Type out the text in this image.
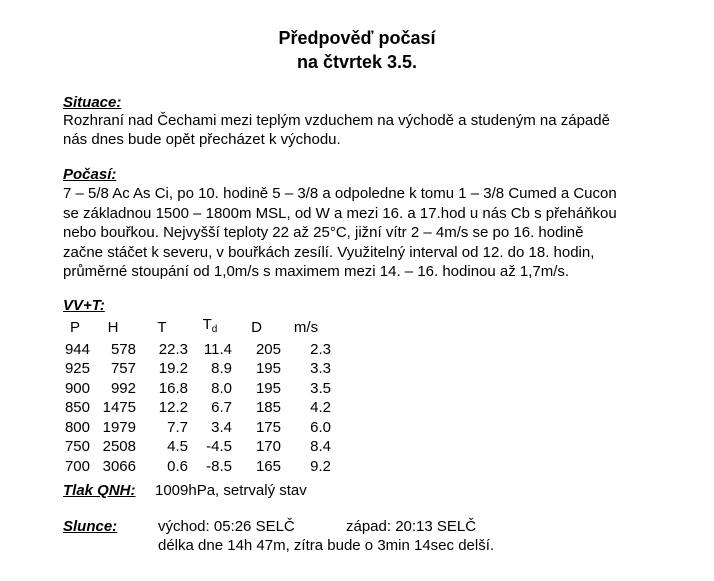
Předpověď počasí
na čtvrtek 3.5.
Situace:
Rozhraní nad Čechami mezi teplým vzduchem na východě a studeným na západě
nás dnes bude opět přecházet k východu.
Počasí:
7 – 5/8 Ac As Ci, po 10. hodině 5 – 3/8 a odpoledne k tomu 1 – 3/8 Cumed a Cucon
se základnou 1500 – 1800m MSL, od W a mezi 16. a 17.hod u nás Cb s přeháňkou
nebo bouřkou. Nejvyšší teploty 22 až 25°C, jižní vítr 2 – 4m/s se po 16. hodině
začne stáčet k severu, v bouřkách zesílí. Využitelný interval od 12. do 18. hodin,
průměrné stoupání od 1,0m/s s maximem mezi 14. – 16. hodinou až 1,7m/s.
VV+T:
P	H	T	$T_d$	D	m/s
944	578	22.3	11.4	205	2.3
925	757	19.2	8.9	195	3.3
900	992	16.8	8.0	195	3.5
850	1475	12.2	6.7	185	4.2
800	1979	7.7	3.4	175	6.0
750	2508	4.5	-4.5	170	8.4
700	3066	0.6	-8.5	165	9.2
Tlak QNH: 1009hPa, setrvalý stav
Slunce:	východ: 05:26 SELČ	západ: 20:13 SELČ
délka dne 14h 47m, zítra bude o 3min 14sec delší.
